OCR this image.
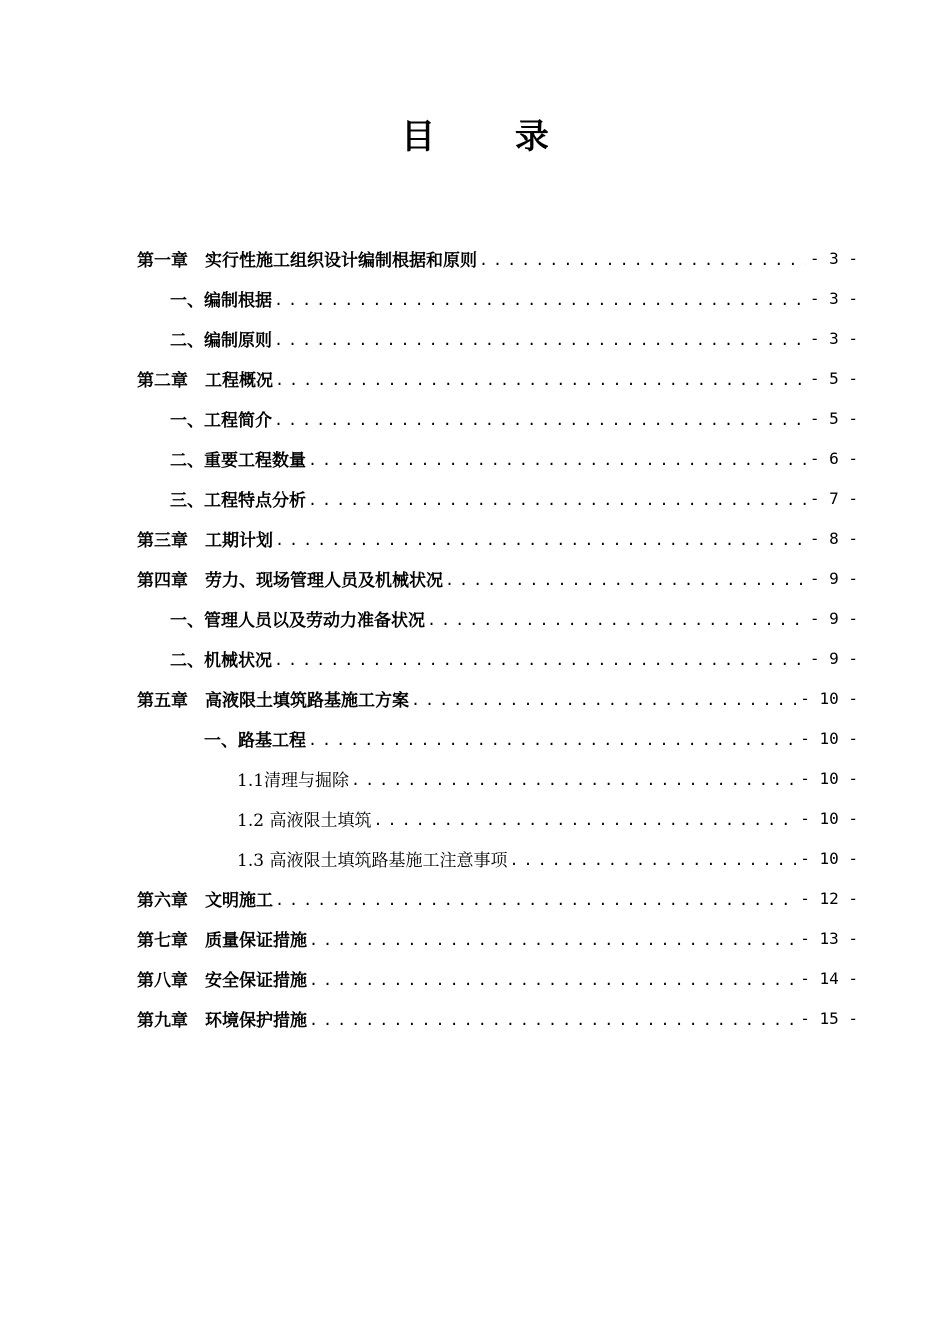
目 录
第一章　实行性施工组织设计编制根据和原则 . . .	- 3 -
一、编制根据 . . .	- 3 -
二、编制原则 . . .	- 3 -
第二章　工程概况 . . .	- 5 -
一、工程简介 . . .	- 5 -
二、重要工程数量 . . .	- 6 -
三、工程特点分析 . . .	- 7 -
第三章　工期计划 . . .	- 8 -
第四章　劳力、现场管理人员及机械状况 . . .	- 9 -
一、管理人员以及劳动力准备状况 . . .	- 9 -
二、机械状况 . . .	- 9 -
第五章　高液限土填筑路基施工方案 . . .	- 10 -
一、路基工程 . . .	- 10 -
1.1清理与掘除 . . .	- 10 -
1.2 高液限土填筑 . . .	- 10 -
1.3 高液限土填筑路基施工注意事项 . . .	- 10 -
第六章　文明施工 . . .	- 12 -
第七章　质量保证措施 . . .	- 13 -
第八章　安全保证措施 . . .	- 14 -
第九章　环境保护措施 . . .	- 15 -
